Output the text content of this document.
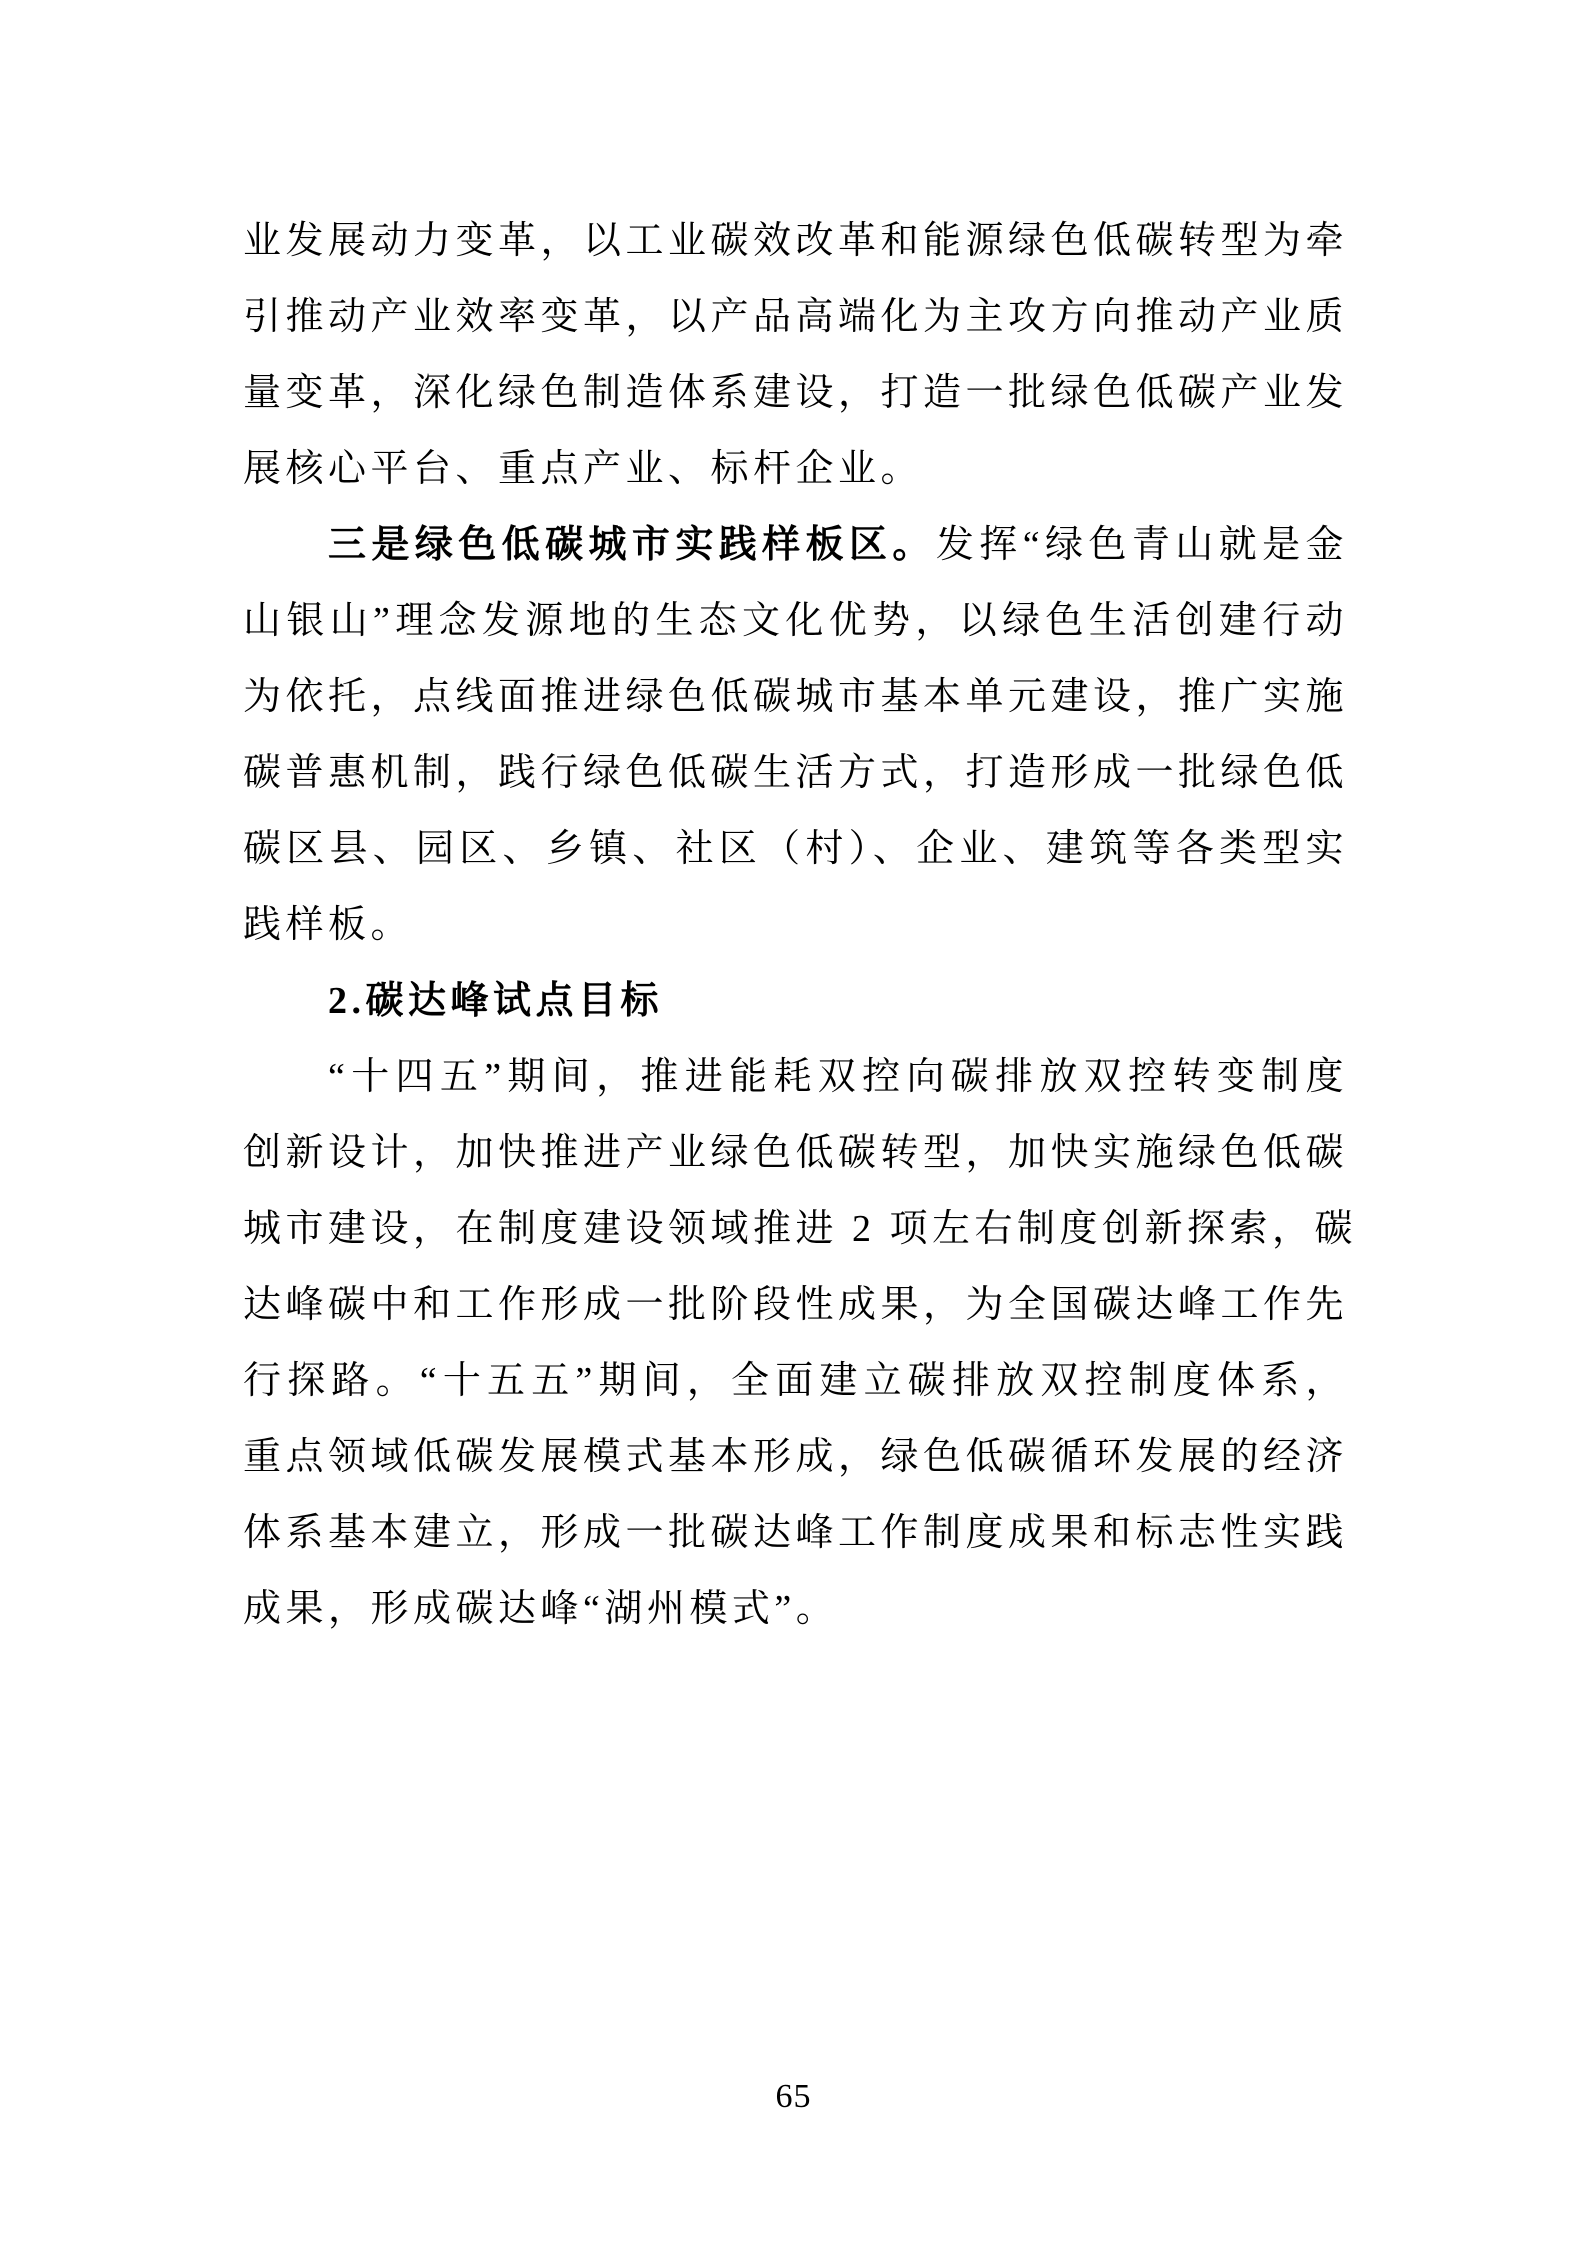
业发展动力变革，以工业碳效改革和能源绿色低碳转型为牵
引推动产业效率变革，以产品高端化为主攻方向推动产业质
量变革，深化绿色制造体系建设，打造一批绿色低碳产业发
展核心平台、重点产业、标杆企业。
三是绿色低碳城市实践样板区。发挥“绿色青山就是金
山银山”理念发源地的生态文化优势，以绿色生活创建行动
为依托，点线面推进绿色低碳城市基本单元建设，推广实施
碳普惠机制，践行绿色低碳生活方式，打造形成一批绿色低
碳区县、园区、乡镇、社区（村）、企业、建筑等各类型实
践样板。
2.碳达峰试点目标
“十四五”期间，推进能耗双控向碳排放双控转变制度
创新设计，加快推进产业绿色低碳转型，加快实施绿色低碳
城市建设，在制度建设领域推进 2 项左右制度创新探索，碳
达峰碳中和工作形成一批阶段性成果，为全国碳达峰工作先
行探路。“十五五”期间，全面建立碳排放双控制度体系，
重点领域低碳发展模式基本形成，绿色低碳循环发展的经济
体系基本建立，形成一批碳达峰工作制度成果和标志性实践
成果，形成碳达峰“湖州模式”。
65
